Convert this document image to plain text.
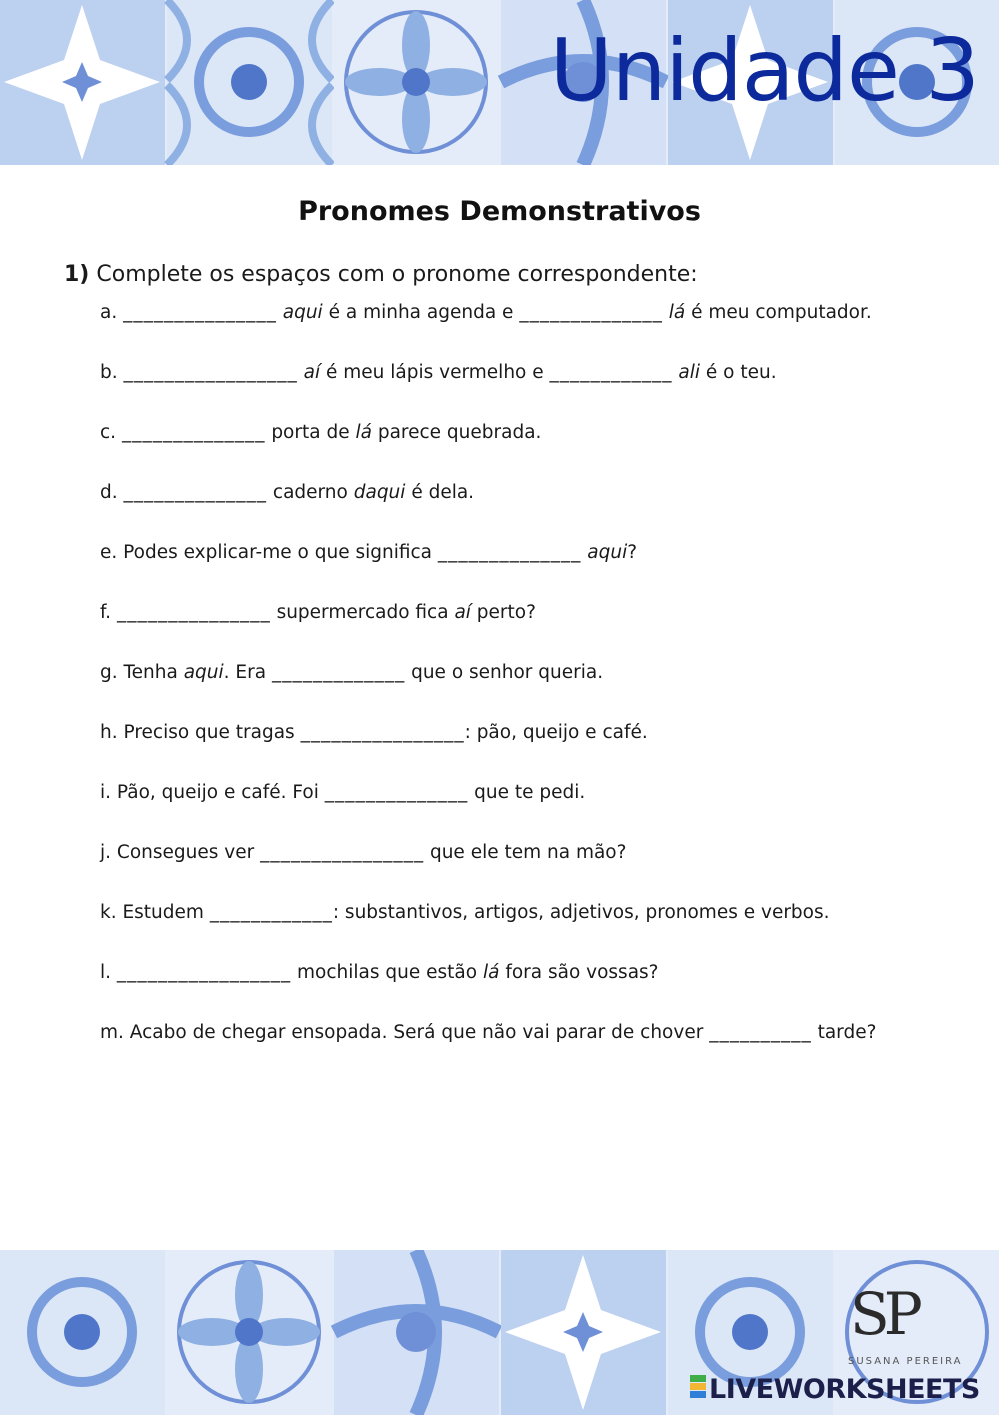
Unidade 3
Pronomes Demonstrativos
1) Complete os espaços com o pronome correspondente:

a. _______________ aqui é a minha agenda e ______________ lá é meu computador.

b. _________________ aí é meu lápis vermelho e ____________ ali é o teu.

c. ______________ porta de lá parece quebrada.

d. ______________ caderno daqui é dela.

e. Podes explicar-me o que significa ______________ aqui?

f. _______________ supermercado fica aí perto?

g. Tenha aqui. Era _____________ que o senhor queria.

h. Preciso que tragas ________________: pão, queijo e café.

i. Pão, queijo e café. Foi ______________ que te pedi.

j. Consegues ver ________________ que ele tem na mão?

k. Estudem ____________: substantivos, artigos, adjetivos, pronomes e verbos.

l. _________________ mochilas que estão lá fora são vossas?

m. Acabo de chegar ensopada. Será que não vai parar de chover __________ tarde?

SP
SUSANA PEREIRA
LIVEWORKSHEETS
